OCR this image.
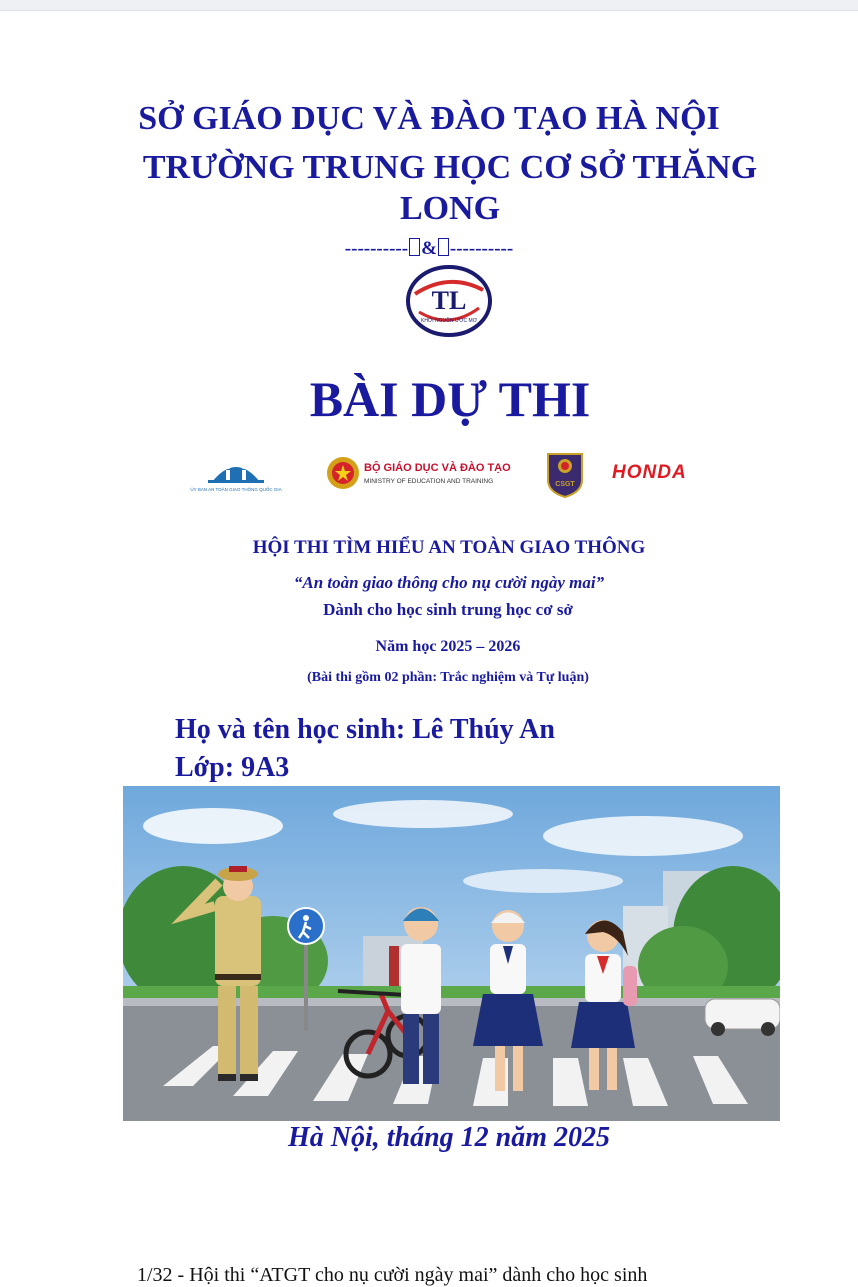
SỞ GIÁO DỤC VÀ ĐÀO TẠO HÀ NỘI
TRƯỜNG TRUNG HỌC CƠ SỞ THĂNG LONG
---------- & ----------
TL
KHỞI NGUỒN ƯỚC MƠ
BÀI DỰ THI
ỦY BAN AN TOÀN GIAO THÔNG QUỐC GIA
BỘ GIÁO DỤC VÀ ĐÀO TẠO
MINISTRY OF EDUCATION AND TRAINING	CSGT
HONDA
HỘI THI TÌM HIỂU AN TOÀN GIAO THÔNG
“An toàn giao thông cho nụ cười ngày mai”
Dành cho học sinh trung học cơ sở
Năm học 2025 – 2026
(Bài thi gồm 02 phần: Trắc nghiệm và Tự luận)
Họ và tên học sinh: Lê Thúy An
Lớp: 9A3
Hà Nội, tháng 12 năm 2025
1/32 - Hội thi “ATGT cho nụ cười ngày mai” dành cho học sinh
